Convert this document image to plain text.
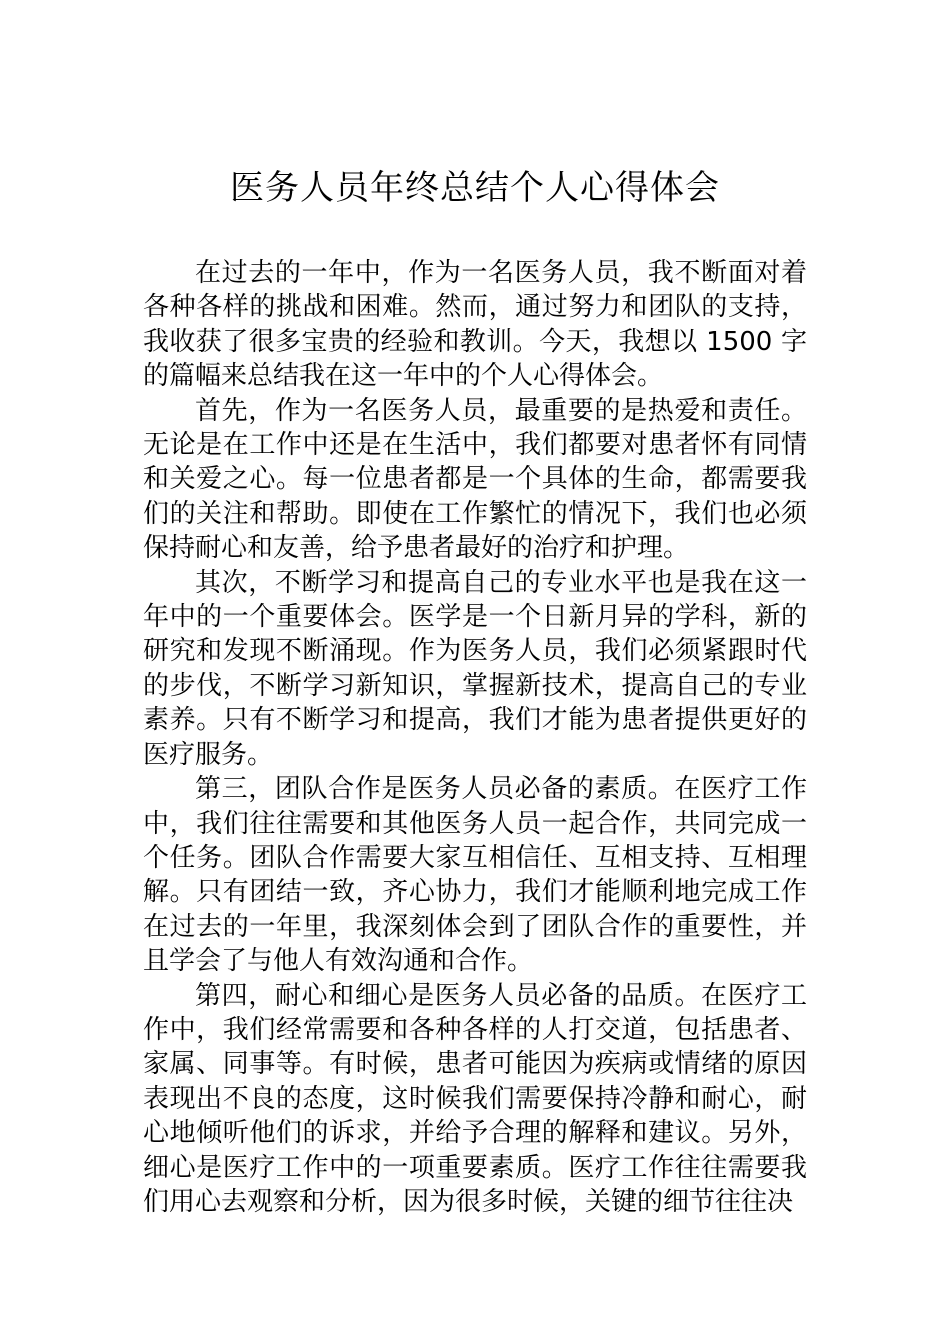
医务人员年终总结个人心得体会

在过去的一年中，作为一名医务人员，我不断面对着各种各样的挑战和困难。然而，通过努力和团队的支持，我收获了很多宝贵的经验和教训。今天，我想以 1500 字的篇幅来总结我在这一年中的个人心得体会。

首先，作为一名医务人员，最重要的是热爱和责任。无论是在工作中还是在生活中，我们都要对患者怀有同情和关爱之心。每一位患者都是一个具体的生命，都需要我们的关注和帮助。即使在工作繁忙的情况下，我们也必须保持耐心和友善，给予患者最好的治疗和护理。

其次，不断学习和提高自己的专业水平也是我在这一年中的一个重要体会。医学是一个日新月异的学科，新的研究和发现不断涌现。作为医务人员，我们必须紧跟时代的步伐，不断学习新知识，掌握新技术，提高自己的专业素养。只有不断学习和提高，我们才能为患者提供更好的医疗服务。

第三，团队合作是医务人员必备的素质。在医疗工作中，我们往往需要和其他医务人员一起合作，共同完成一个任务。团队合作需要大家互相信任、互相支持、互相理解。只有团结一致，齐心协力，我们才能顺利地完成工作在过去的一年里，我深刻体会到了团队合作的重要性，并且学会了与他人有效沟通和合作。

第四，耐心和细心是医务人员必备的品质。在医疗工作中，我们经常需要和各种各样的人打交道，包括患者、家属、同事等。有时候，患者可能因为疾病或情绪的原因表现出不良的态度，这时候我们需要保持冷静和耐心，耐心地倾听他们的诉求，并给予合理的解释和建议。另外，细心是医疗工作中的一项重要素质。医疗工作往往需要我们用心去观察和分析，因为很多时候，关键的细节往往决
